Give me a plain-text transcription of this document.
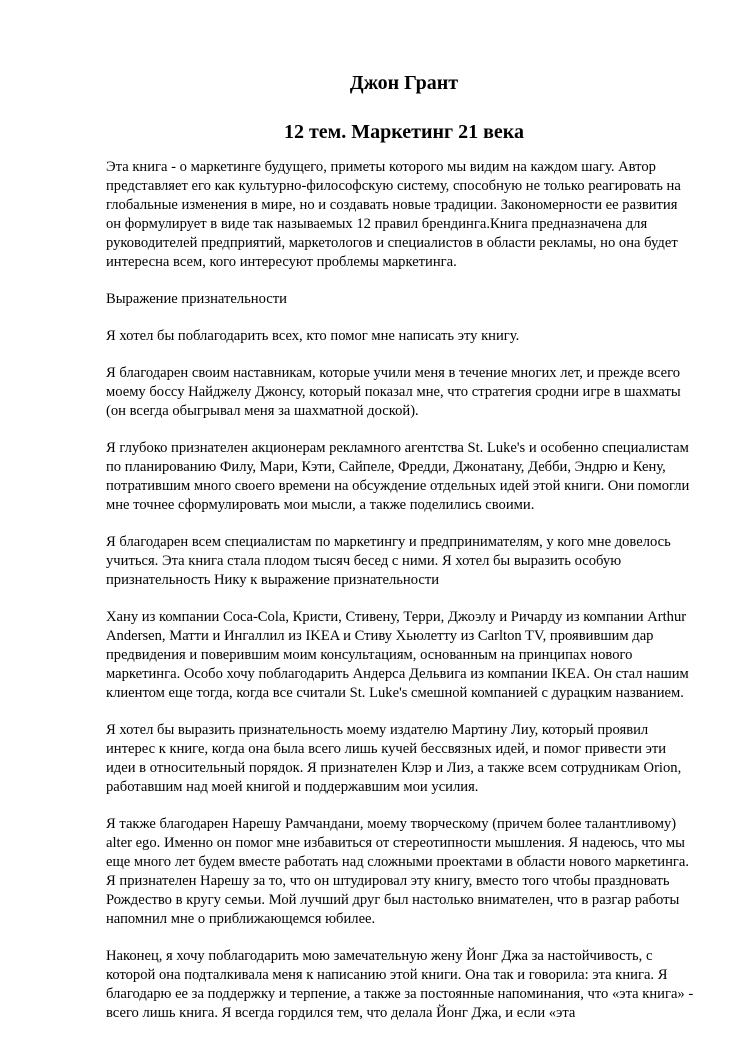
Джон Грант
12 тем. Маркетинг 21 века

Эта книга - о маркетинге будущего, приметы которого мы видим на каждом шагу. Автор представляет его как культурно-философскую систему, способную не только реагировать на глобальные изменения в мире, но и создавать новые традиции. Закономерности ее развития он формулирует в виде так называемых 12 правил брендинга.Книга предназначена для руководителей предприятий, маркетологов и специалистов в области рекламы, но она будет интересна всем, кого интересуют проблемы маркетинга.

Выражение признательности

Я хотел бы поблагодарить всех, кто помог мне написать эту книгу.

Я благодарен своим наставникам, которые учили меня в течение многих лет, и прежде всего моему боссу Найджелу Джонсу, который показал мне, что стратегия сродни игре в шахматы (он всегда обыгрывал меня за шахматной доской).

Я глубоко признателен акционерам рекламного агентства St. Luke's и особенно специалистам по планированию Филу, Мари, Кэти, Сайпеле, Фредди, Джонатану, Дебби, Эндрю и Кену, потратившим много своего времени на обсуждение отдельных идей этой книги. Они помогли мне точнее сформулировать мои мысли, а также поделились своими.

Я благодарен всем специалистам по маркетингу и предпринимателям, у кого мне довелось учиться. Эта книга стала плодом тысяч бесед с ними. Я хотел бы выразить особую признательность Нику к выражение признательности

Хану из компании Coca-Cola, Кристи, Стивену, Терри, Джоэлу и Ричарду из компании Arthur Andersen, Матти и Ингаллил из IKEA и Стиву Хьюлетту из Carlton TV, проявившим дар предвидения и поверившим моим консультациям, основанным на принципах нового маркетинга. Особо хочу поблагодарить Андерса Дельвига из компании IKEA. Он стал нашим клиентом еще тогда, когда все считали St. Luke's смешной компанией с дурацким названием.

Я хотел бы выразить признательность моему издателю Мартину Лиу, который проявил интерес к книге, когда она была всего лишь кучей бессвязных идей, и помог привести эти идеи в относительный порядок. Я признателен Клэр и Лиз, а также всем сотрудникам Orion, работавшим над моей книгой и поддержавшим мои усилия.

Я также благодарен Нарешу Рамчандани, моему творческому (причем более талантливому) alter ego. Именно он помог мне избавиться от стереотипности мышления. Я надеюсь, что мы еще много лет будем вместе работать над сложными проектами в области нового маркетинга. Я признателен Нарешу за то, что он штудировал эту книгу, вместо того чтобы праздновать Рождество в кругу семьи. Мой лучший друг был настолько внимателен, что в разгар работы напомнил мне о приближающемся юбилее.

Наконец, я хочу поблагодарить мою замечательную жену Йонг Джа за настойчивость, с которой она подталкивала меня к написанию этой книги. Она так и говорила: эта книга. Я благодарю ее за поддержку и терпение, а также за постоянные напоминания, что «эта книга» - всего лишь книга. Я всегда гордился тем, что делала Йонг Джа, и если «эта
